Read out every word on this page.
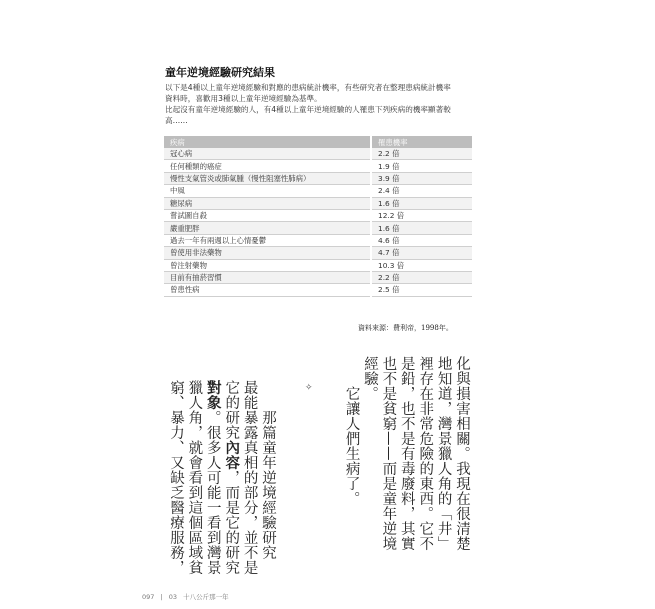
童年逆境經驗研究結果

以下是4種以上童年逆境經驗和對應的患病統計機率，有些研究者在整理患病統計機率

資料時，喜歡用3種以上童年逆境經驗為基準。

比起沒有童年逆境經驗的人，有4種以上童年逆境經驗的人罹患下列疾病的機率顯著較

高……

疾病	罹患機率
冠心病	2.2 倍
任何種類的癌症	1.9 倍
慢性支氣管炎或肺氣腫（慢性阻塞性肺病）	3.9 倍
中風	2.4 倍
糖尿病	1.6 倍
嘗試圖自殺	12.2 倍
嚴重肥胖	1.6 倍
過去一年有兩週以上心情憂鬱	4.6 倍
曾使用非法藥物	4.7 倍
曾注射藥物	10.3 倍
目前有抽菸習慣	2.2 倍
曾患性病	2.5 倍
資料來源：費利帝，1998年。

化與損害相關。我現在很清楚

地知道，灣景獵人角的「井」

裡存在非常危險的東西。它不

是鉛，也不是有毒廢料，其實

也不是貧窮——而是童年逆境

經驗。

　　它讓人們生病了。

✧

　　那篇童年逆境經驗研究

最能暴露真相的部分，並不是

它的研究內容，而是它的研究

對象。很多人可能一看到灣景

獵人角，就會看到這個區域貧

窮、暴力、又缺乏醫療服務，

097 | 03 十八公斤那一年
